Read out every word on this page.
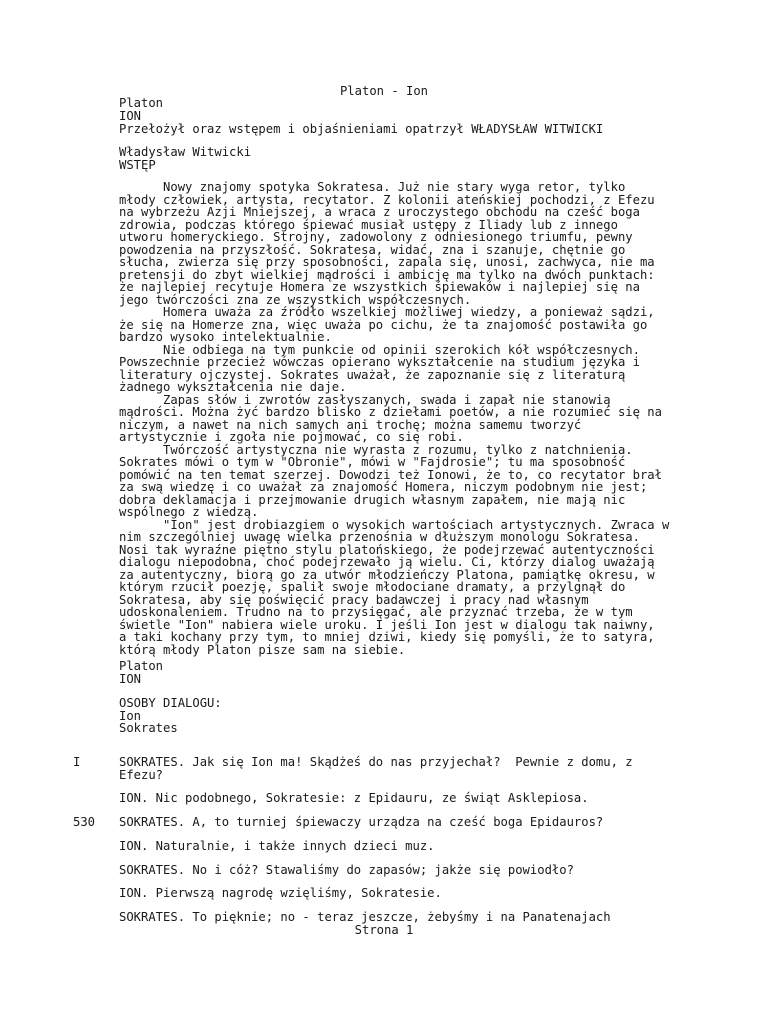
Platon - Ion
Platon
ION
Przełożył oraz wstępem i objaśnieniami opatrzył WŁADYSŁAW WITWICKI
Władysław Witwicki
WSTĘP
Nowy znajomy spotyka Sokratesa. Już nie stary wyga retor, tylko
młody człowiek, artysta, recytator. Z kolonii ateńskiej pochodzi, z Efezu
na wybrzeżu Azji Mniejszej, a wraca z uroczystego obchodu na cześć boga
zdrowia, podczas którego śpiewać musiał ustępy z Iliady lub z innego
utworu homeryckiego. Strojny, zadowolony z odniesionego triumfu, pewny
powodzenia na przyszłość. Sokratesa, widać, zna i szanuje, chętnie go
słucha, zwierza się przy sposobności, zapala się, unosi, zachwyca, nie ma
pretensji do zbyt wielkiej mądrości i ambicję ma tylko na dwóch punktach:
że najlepiej recytuje Homera ze wszystkich śpiewaków i najlepiej się na
jego twórczości zna ze wszystkich współczesnych.
Homera uważa za źródło wszelkiej możliwej wiedzy, a ponieważ sądzi,
że się na Homerze zna, więc uważa po cichu, że ta znajomość postawiła go
bardzo wysoko intelektualnie.
Nie odbiega na tym punkcie od opinii szerokich kół współczesnych.
Powszechnie przecież wówczas opierano wykształcenie na studium języka i
literatury ojczystej. Sokrates uważał, że zapoznanie się z literaturą
żadnego wykształcenia nie daje.
Zapas słów i zwrotów zasłyszanych, swada i zapał nie stanowią
mądrości. Można żyć bardzo blisko z dziełami poetów, a nie rozumieć się na
niczym, a nawet na nich samych ani trochę; można samemu tworzyć
artystycznie i zgoła nie pojmować, co się robi.
Twórczość artystyczna nie wyrasta z rozumu, tylko z natchnienia.
Sokrates mówi o tym w "Obronie", mówi w "Fajdrosie"; tu ma sposobność
pomówić na ten temat szerzej. Dowodzi też Ionowi, że to, co recytator brał
za swą wiedzę i co uważał za znajomość Homera, niczym podobnym nie jest;
dobra deklamacja i przejmowanie drugich własnym zapałem, nie mają nic
wspólnego z wiedzą.
"Ion" jest drobiazgiem o wysokich wartościach artystycznych. Zwraca w
nim szczególniej uwagę wielka przenośnia w dłuższym monologu Sokratesa.
Nosi tak wyraźne piętno stylu platońskiego, że podejrzewać autentyczności
dialogu niepodobna, choć podejrzewało ją wielu. Ci, którzy dialog uważają
za autentyczny, biorą go za utwór młodzieńczy Platona, pamiątkę okresu, w
którym rzucił poezję, spalił swoje młodociane dramaty, a przylgnął do
Sokratesa, aby się poświęcić pracy badawczej i pracy nad własnym
udoskonaleniem. Trudno na to przysięgać, ale przyznać trzeba, że w tym
świetle "Ion" nabiera wiele uroku. I jeśli Ion jest w dialogu tak naiwny,
a taki kochany przy tym, to mniej dziwi, kiedy się pomyśli, że to satyra,
którą młody Platon pisze sam na siebie.
Platon
ION
OSOBY DIALOGU:
Ion
Sokrates
I	SOKRATES. Jak się Ion ma! Skądżeś do nas przyjechał?  Pewnie z domu, z
Efezu?
ION. Nic podobnego, Sokratesie: z Epidauru, ze świąt Asklepiosa.
530 SOKRATES. A, to turniej śpiewaczy urządza na cześć boga Epidauros?
ION. Naturalnie, i także innych dzieci muz.
SOKRATES. No i cóż? Stawaliśmy do zapasów; jakże się powiodło?
ION. Pierwszą nagrodę wzięliśmy, Sokratesie.
SOKRATES. To pięknie; no - teraz jeszcze, żebyśmy i na Panatenajach
Strona 1
